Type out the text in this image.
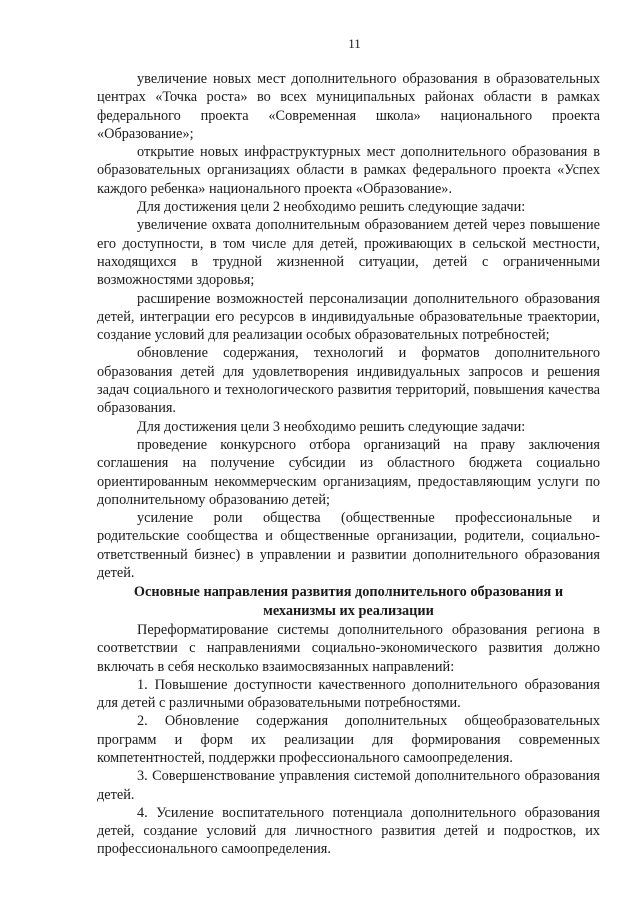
11

увеличение новых мест дополнительного образования в образовательных центрах «Точка роста» во всех муниципальных районах области в рамках федерального проекта «Современная школа» национального проекта «Образование»;

открытие новых инфраструктурных мест дополнительного образования в образовательных организациях области в рамках федерального проекта «Успех каждого ребенка» национального проекта «Образование».

Для достижения цели 2 необходимо решить следующие задачи:

увеличение охвата дополнительным образованием детей через повышение его доступности, в том числе для детей, проживающих в сельской местности, находящихся в трудной жизненной ситуации, детей с ограниченными возможностями здоровья;

расширение возможностей персонализации дополнительного образования детей, интеграции его ресурсов в индивидуальные образовательные траектории, создание условий для реализации особых образовательных потребностей;

обновление содержания, технологий и форматов дополнительного образования детей для удовлетворения индивидуальных запросов и решения задач социального и технологического развития территорий, повышения качества образования.

Для достижения цели 3 необходимо решить следующие задачи:

проведение конкурсного отбора организаций на праву заключения соглашения на получение субсидии из областного бюджета социально ориентированным некоммерческим организациям, предоставляющим услуги по дополнительному образованию детей;

усиление роли общества (общественные профессиональные и родительские сообщества и общественные организации, родители, социально-ответственный бизнес) в управлении и развитии дополнительного образования детей.

Основные направления развития дополнительного образования и механизмы их реализации

Переформатирование системы дополнительного образования региона в соответствии с направлениями социально-экономического развития должно включать в себя несколько взаимосвязанных направлений:

1. Повышение доступности качественного дополнительного образования для детей с различными образовательными потребностями.

2. Обновление содержания дополнительных общеобразовательных программ и форм их реализации для формирования современных компетентностей, поддержки профессионального самоопределения.

3. Совершенствование управления системой дополнительного образования детей.

4. Усиление воспитательного потенциала дополнительного образования детей, создание условий для личностного развития детей и подростков, их профессионального самоопределения.
